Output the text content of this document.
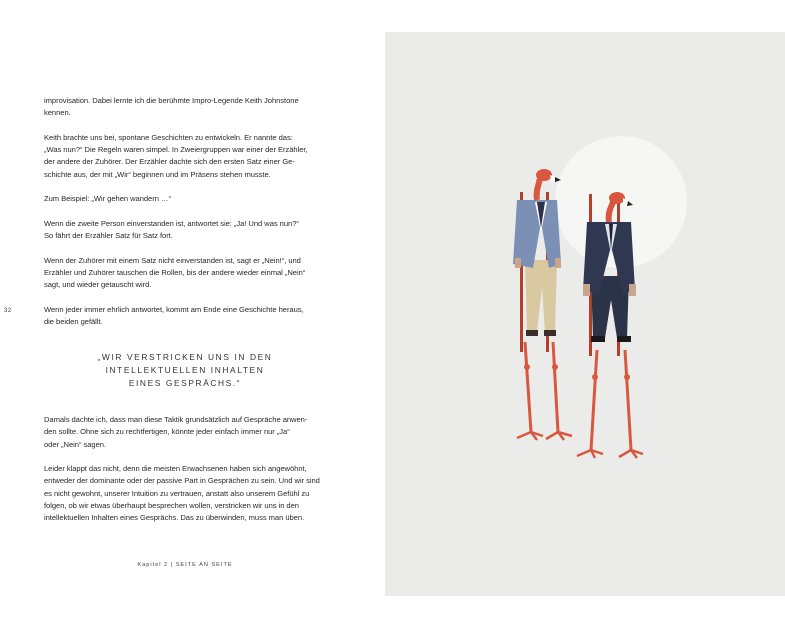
improvisation. Dabei lernte ich die berühmte Impro-Legende Keith Johnstone
kennen.

Keith brachte uns bei, spontane Geschichten zu entwickeln. Er nannte das:
„Was nun?“ Die Regeln waren simpel. In Zweiergruppen war einer der Erzähler,
der andere der Zuhörer. Der Erzähler dachte sich den ersten Satz einer Ge-
schichte aus, der mit „Wir“ beginnen und im Präsens stehen musste.

Zum Beispiel: „Wir gehen wandern …“

Wenn die zweite Person einverstanden ist, antwortet sie: „Ja! Und was nun?“
So fährt der Erzähler Satz für Satz fort.

Wenn der Zuhörer mit einem Satz nicht einverstanden ist, sagt er „Nein!“, und
Erzähler und Zuhörer tauschen die Rollen, bis der andere wieder einmal „Nein“
sagt, und wieder getauscht wird.

Wenn jeder immer ehrlich antwortet, kommt am Ende eine Geschichte heraus,
die beiden gefällt.

32
„WIR VERSTRICKEN UNS IN DEN
INTELLEKTUELLEN INHALTEN
EINES GESPRÄCHS.“

Damals dachte ich, dass man diese Taktik grundsätzlich auf Gespräche anwen-
den sollte. Ohne sich zu rechtfertigen, könnte jeder einfach immer nur „Ja“
oder „Nein“ sagen.

Leider klappt das nicht, denn die meisten Erwachsenen haben sich angewöhnt,
entweder der dominante oder der passive Part in Gesprächen zu sein. Und wir sind
es nicht gewohnt, unserer Intuition zu vertrauen, anstatt also unserem Gefühl zu
folgen, ob wir etwas überhaupt besprechen wollen, verstricken wir uns in den
intellektuellen Inhalten eines Gesprächs. Das zu überwinden, muss man üben.

Kapitel 2 | SEITE AN SEITE
